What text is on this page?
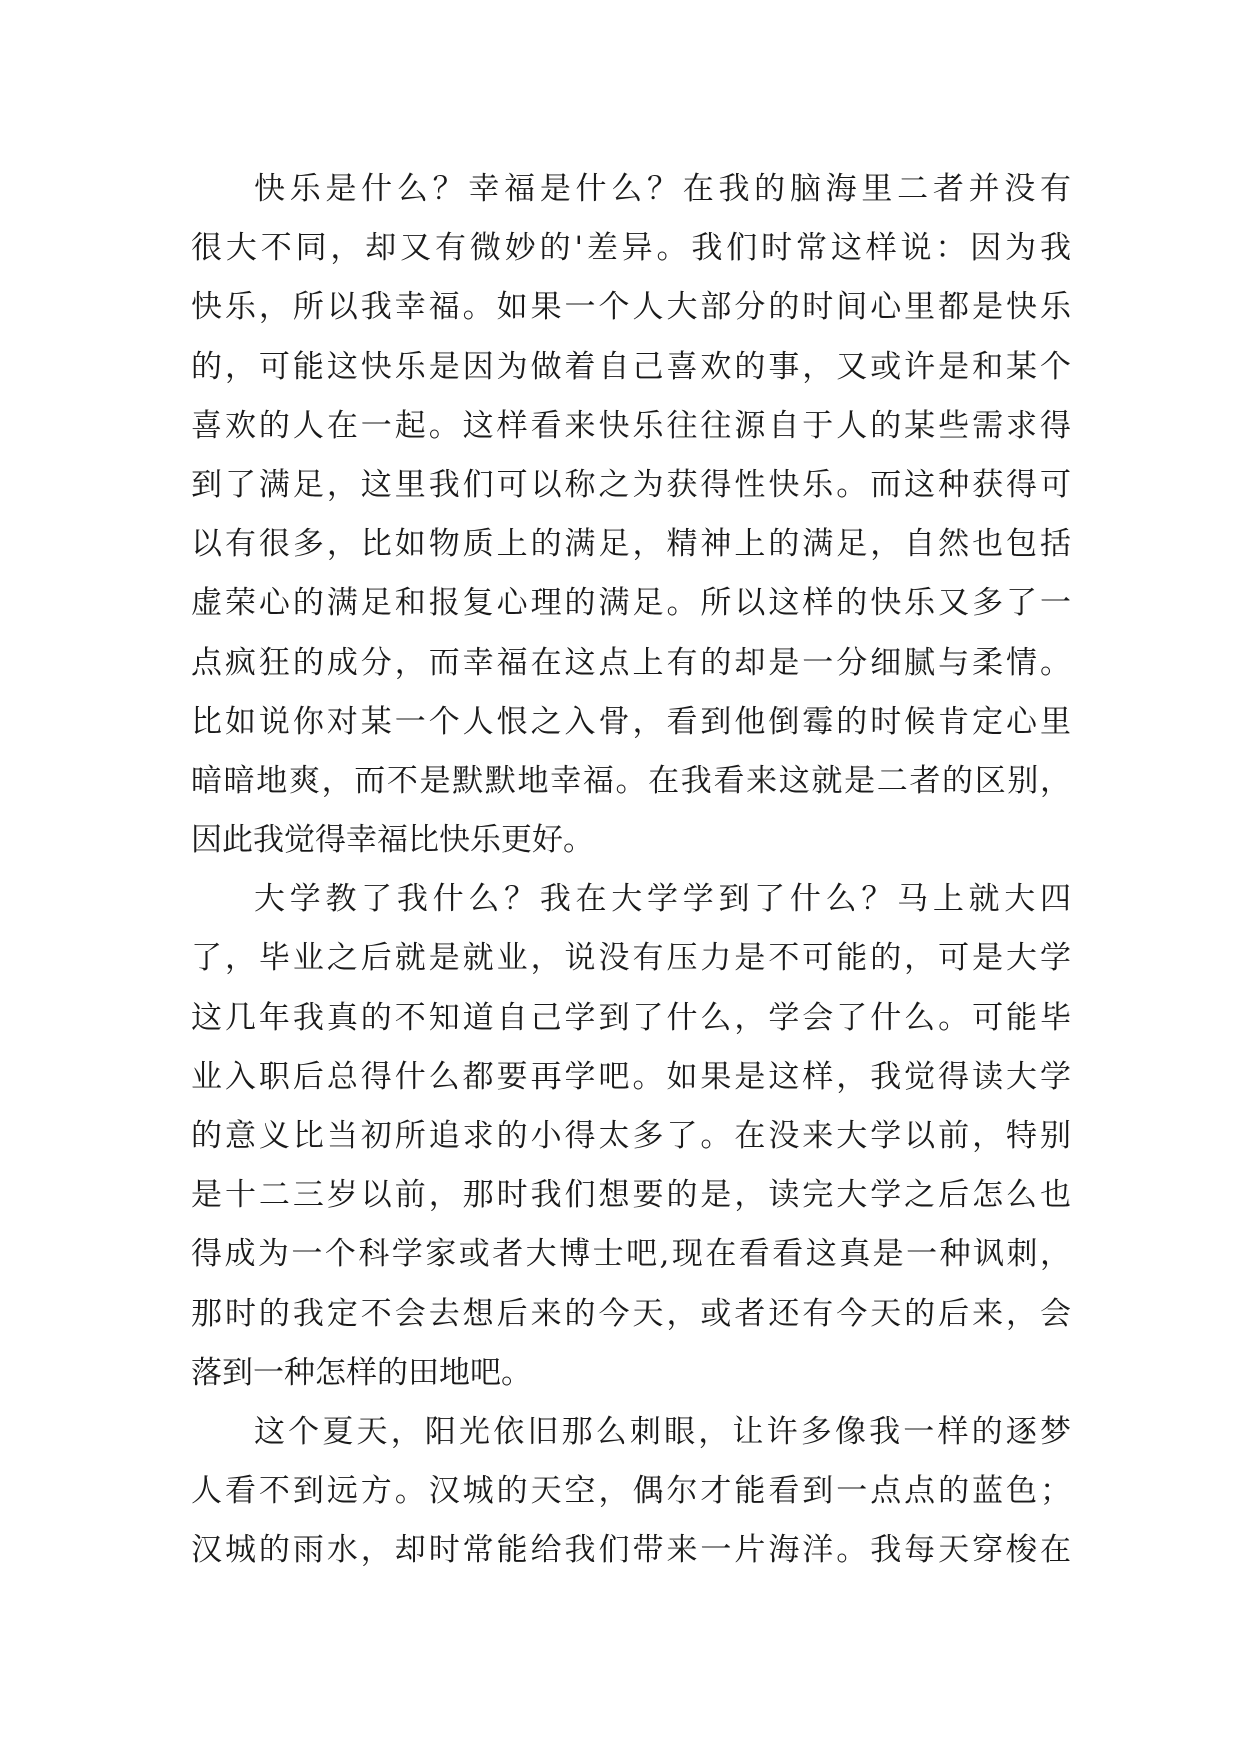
快乐是什么？幸福是什么？在我的脑海里二者并没有
很大不同，却又有微妙的'差异。我们时常这样说：因为我
快乐，所以我幸福。如果一个人大部分的时间心里都是快乐
的，可能这快乐是因为做着自己喜欢的事，又或许是和某个
喜欢的人在一起。这样看来快乐往往源自于人的某些需求得
到了满足，这里我们可以称之为获得性快乐。而这种获得可
以有很多，比如物质上的满足，精神上的满足，自然也包括
虚荣心的满足和报复心理的满足。所以这样的快乐又多了一
点疯狂的成分，而幸福在这点上有的却是一分细腻与柔情。
比如说你对某一个人恨之入骨，看到他倒霉的时候肯定心里
暗暗地爽，而不是默默地幸福。在我看来这就是二者的区别，
因此我觉得幸福比快乐更好。
大学教了我什么？我在大学学到了什么？马上就大四
了，毕业之后就是就业，说没有压力是不可能的，可是大学
这几年我真的不知道自己学到了什么，学会了什么。可能毕
业入职后总得什么都要再学吧。如果是这样，我觉得读大学
的意义比当初所追求的小得太多了。在没来大学以前，特别
是十二三岁以前，那时我们想要的是，读完大学之后怎么也
得成为一个科学家或者大博士吧,现在看看这真是一种讽刺，
那时的我定不会去想后来的今天，或者还有今天的后来，会
落到一种怎样的田地吧。
这个夏天，阳光依旧那么刺眼，让许多像我一样的逐梦
人看不到远方。汉城的天空，偶尔才能看到一点点的蓝色；
汉城的雨水，却时常能给我们带来一片海洋。我每天穿梭在
